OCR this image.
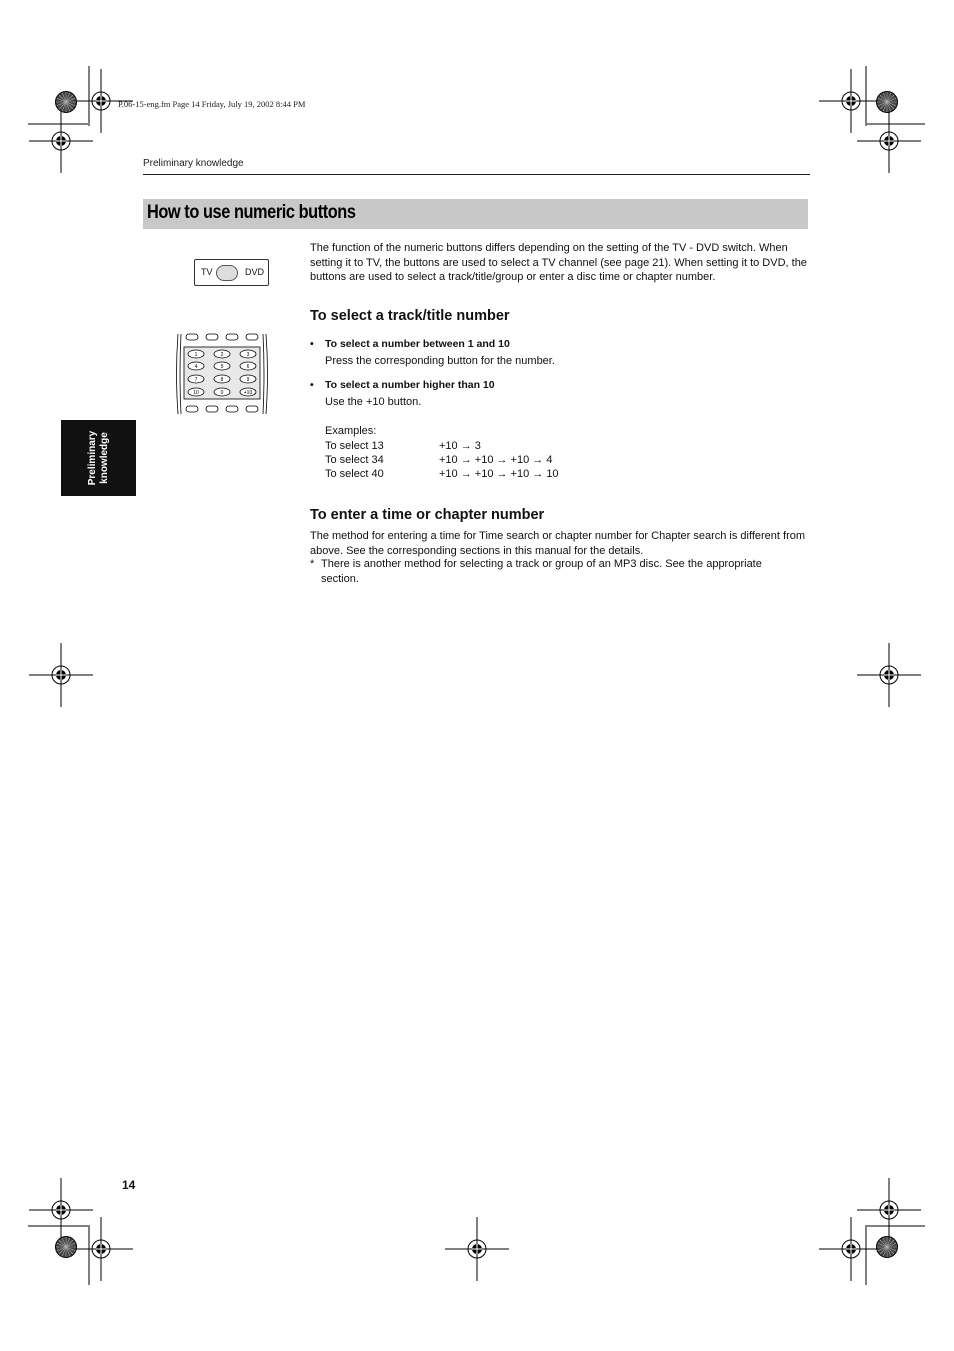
P.06-15-eng.fm Page 14 Friday, July 19, 2002 8:44 PM
Preliminary knowledge
How to use numeric buttons
Preliminary
knowledge
TV	DVD
1	2	3
4	5	6
7	8	9
10	0	+10
The function of the numeric buttons differs depending on the setting of the TV - DVD switch. When setting it to TV, the buttons are used to select a TV channel (see page 21). When setting it to DVD, the buttons are used to select a track/title/group or enter a disc time or chapter number.
To select a track/title number
• To select a number between 1 and 10
Press the corresponding button for the number.
• To select a number higher than 10
Use the +10 button.
Examples:
To select 13	+10 → 3
To select 34	+10 → +10 → +10 → 4
To select 40	+10 → +10 → +10 → 10
To enter a time or chapter number
The method for entering a time for Time search or chapter number for Chapter search is different from above. See the corresponding sections in this manual for the details.
* There is another method for selecting a track or group of an MP3 disc. See the appropriate section.
14
